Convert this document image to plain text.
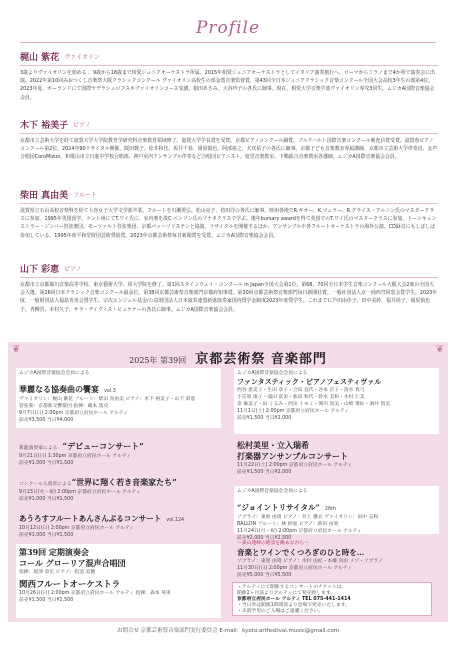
Profile
梶山 紫花 ヴァイオリン
3歳よりヴァイオリンを始める 。9歳から18歳まで相愛ジュニアオーケストラ所属。2015年相愛ジュニアオーケストラとしてイタリア演奏旅行へ。ローマからミラノまで4か所で演奏会に出演。2022年第10回みおつくし音楽祭大阪クラシックコンクール ヴァイオリン高校生の部金賞音楽監督賞、第43回全日本ジュニアクラシック音楽コンクール全国大会高校3年生の部第4位。2023年夏、ポーランドにて国際ヤデラシュロフスキヴァイオリンコース受講。相田あさみ、大谷玲子の各氏に師事。現在、相愛大学音楽学部ヴァイオリン専攻3回生。ムジカA国際音楽協会会員。
木下 裕美子 ピアノ
京都市立芸術大学を経て滋賀大学大学院教育学研究科音楽教育領域修了。滋賀大学学長賞を受賞。京都ピアノコンクール銅賞、ブルクハルト国際音楽コンクール審査員賞受賞。滋賀県ピアノコンクール第2位。2024年90リサイタル開催。阪田数子、松井和代、坂井千春、岡原慎也、阿部裕之、犬伏祐子の各氏に師事。京都子ども音楽教室専属講師。京都市立芸術大学伴奏員、女声合唱団CoroMizuo、和歌山市立日進中学校合唱部、神戸室内アンサンブル伴奏など合唱団ピアニスト。旭堂音楽教室、下鴨総合音楽教室各講師。ムジカA国際音楽協会会員。
柴田 真由美 フルート
滋賀県立石山高校音楽科を経て大谷女子大学文学部卒業。フルートを川瀬愛弘、松山亮子、持田洋の各氏に師事。欧州各地でR.ギオー、K.ツェラー、R.グライス・アルニン氏のマスタークラスに参加。1995年英国留学。ケント州にてT.ワイ氏に、室内楽を故C.ベンソン氏のソナタクラスで学ぶ。後年bursary awardを得て英国でのT.ワイ氏のマスタークラスに参加。トーンキュンストラー・ジンバー管弦楽団、モーツァルト管弦楽団、京都パッハゾリステンと協演。リサイタルを開催するほか、アンサンブルや各フルートオーケストラの海外公演、CD録音にもしばしば参加している。1995年度平和堂財団芸術奨励賞。2023年京都芸術祭毎日新聞賞を受賞。ムジカA国際音楽協会会員。
山下 彩恵 ピアノ
京都市立京都堀川音楽高等学校、東京藝術大学、同大学院を修了。第1回スタインウェイ・コンクール in Japan全国大会第1位。第68、70回全日本学生音楽コンクール大阪大会2度の全国大会入選。第26回日本クラシック音楽コンクール最高位。第38回京都芸術祭音楽部門京都府知事賞。第30回京都芸術祭音楽部門毎日新聞社賞。一般社団法人京一商西宮同窓会賞学生。2023年度、一般財団法人福島青夷会奨学生。宗次エンジェル基金/公益財団法人日本演奏連盟新進演奏家国内奨学金制度2023年度奨学生。これまでに芦田由佳子、田中美鈴、福井尚子、岡原慎也子、青柳晋、本村久子、サラ・デイヴィス・ビュケナーの各氏に師事。ムジカA国際音楽協会会員。
❦	❦
2025年 第39回 京都芸術祭 音楽部門
ムジカA国際音楽協会会員による
華麗なる協奏曲の饗宴 vol.3
ヴァイオリン：梶山 紫花 フルート：柴田 真由美 ピアノ：木下 裕美子・山下 彩恵
管弦楽：京都新交響楽団 指揮：蔵本 篤史
9月7日(日) 2:00pm 京都府立府民ホール アルティ
前売¥3,500 当日¥4,000
新進演奏家による “デビューコンサート”
9月21日(日) 1:30pm 京都府立府民ホール アルティ
前売¥1,000 当日¥1,500
コンクール入賞者による“世界に翔く若き音楽家たち”
9月23日(火・祝) 2:00pm 京都府立府民ホール アルティ
前売¥1,000 当日¥1,500
あうろすフルートあんさんぶるコンサート vol.124
10月12日(日) 2:00pm 京都府立府民ホール アルティ
前売¥1,000 当日¥1,500
第39回 定期演奏会
コール グローリア混声合唱団
指揮：船津 章宏 ピアノ：松浪 美穂
関西フルートオーケストラ
10月26日(日) 2:00pm 京都府立府民ホール アルティ 指揮：森本 英男
前売¥1,500 当日¥1,500
ムジカA国際音楽協会会員による
ファンタスティック・ピアノフェスティヴァル
西谷 恵美子・生田 章子・合田 直代・谷本 京子・清水 真弓
小笠原 康子・浦田 富栄・新田 和代・鈴木 美和・木村 仁美
余 麻美子・田 くるみ・西田 トモミ・関川 貴美・山崎 菜絵・酒井 賀美
11月1日(土) 2:00pm 京都府立府民ホール アルティ
前売¥1,500 当日¥2,000
松村美里・立入瑞希
打楽器アンサンブルコンサート
11月22日(土) 2:00pm 京都府立府民ホール アルティ
前売¥1,500 当日¥2,000
ムジカA国際音楽協会会員による
“ジョイントリサイタル” 26th
ソプラノ：東原 由貴 ピアノ：井上 優衣 ヴァイオリン：田中 志和
BALLON フルート：林 紗加 ピアノ：新田 由果
11月24日(月・祝) 2:00pm 京都府立府民ホール アルティ
前売¥2,000 当日¥2,500
～東山連峰の絶景を眺めながら～
音楽とワインでくつろぎのひと時を…
ソプラノ：東原 由貴 ピアノ：木村 由紀・本郷 真由 メゾ・ソプラノ
11月30日(日) 2:00pm 京都府立府民ホール アルティ
前売¥5,000 当日¥5,500
・アルティにて開催するコンサートのチケットは、
開催2ヶ月前よりアルティにて発売致します。
京都府立府民ホール アルティ TEL 075-441-1414
・当日券は開演1時間前より会場で発売いたします。
・未就学児のご入場はご遠慮ください。
お問合せ 京都芸術祭音楽部門実行委員会 E-mail：kyoto.artfestival.music@gmail.com
